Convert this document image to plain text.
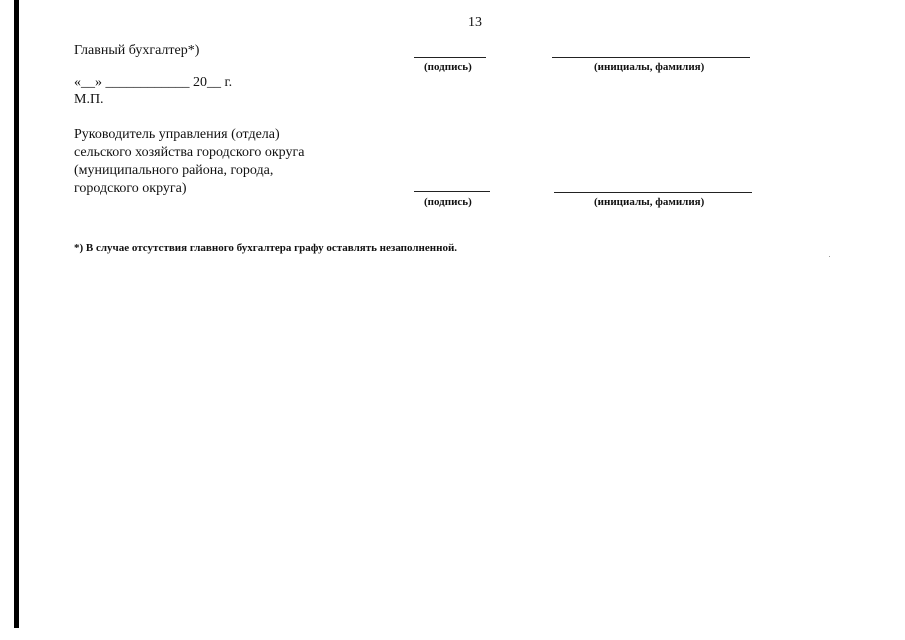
13
Главный бухгалтер*)
(подпись)	(инициалы, фамилия)
«__» ____________ 20__ г.
М.П.
Руководитель управления (отдела)
сельского хозяйства городского округа
(муниципального района, города,
городского округа)
(подпись)	(инициалы, фамилия)
*) В случае отсутствия главного бухгалтера графу оставлять незаполненной.
